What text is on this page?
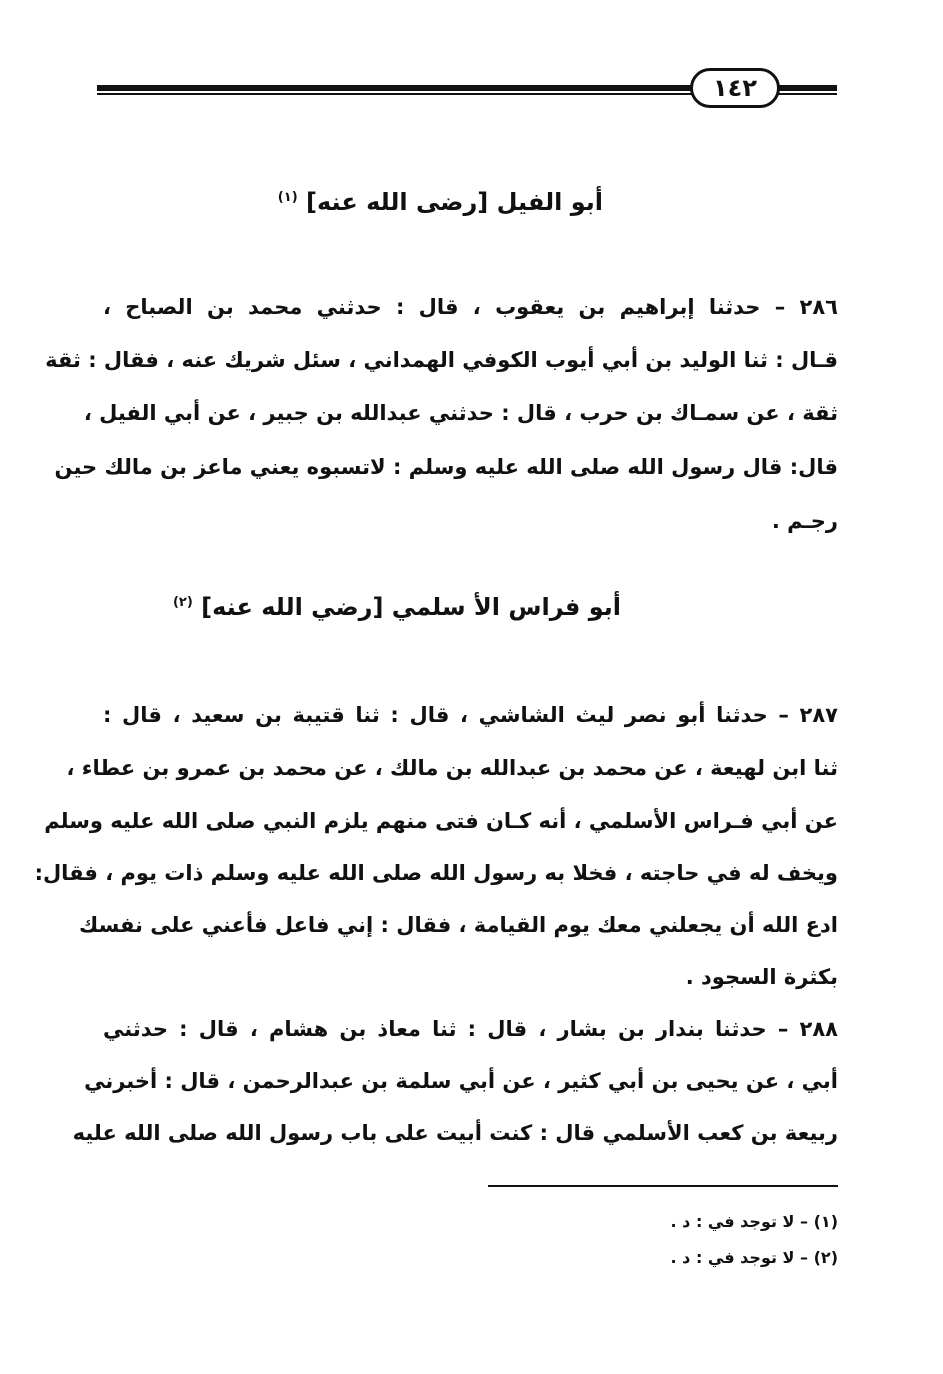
١٤٢
أبو الفيل [رضى الله عنه] $^{(١)}$
٢٨٦ – حدثنا إبراهيم بن يعقوب ، قال : حدثني محمد بن الصباح ،
قـال : ثنا الوليد بن أبي أيوب الكوفي الهمداني ، سئل شريك عنه ، فقال : ثقة
ثقة ، عن سمـاك بن حرب ، قال : حدثني عبدالله بن جبير ، عن أبي الفيل ،
قال: قال رسول الله صلى الله عليه وسلم : لاتسبوه يعني ماعز بن مالك حين
رجـم .
أبو فراس الأ سلمي [رضي الله عنه] $^{(٢)}$
٢٨٧ – حدثنا أبو نصر ليث الشاشي ، قال : ثنا قتيبة بن سعيد ، قال :
ثنا ابن لهيعة ، عن محمد بن عبدالله بن مالك ، عن محمد بن عمرو بن عطاء ،
عن أبي فـراس الأسلمي ، أنه كـان فتى منهم يلزم النبي صلى الله عليه وسلم
ويخف له في حاجته ، فخلا به رسول الله صلى الله عليه وسلم ذات يوم ، فقال:
ادع الله أن يجعلني معك يوم القيامة ، فقال : إني فاعل فأعني على نفسك
بكثرة السجود .
٢٨٨ – حدثنا بندار بن بشار ، قال : ثنا معاذ بن هشام ، قال : حدثني
أبي ، عن يحيى بن أبي كثير ، عن أبي سلمة بن عبدالرحمن ، قال : أخبرني
ربيعة بن كعب الأسلمي قال : كنت أبيت على باب رسول الله صلى الله عليه
(١) – لا توجد في : د .
(٢) – لا توجد في : د .
